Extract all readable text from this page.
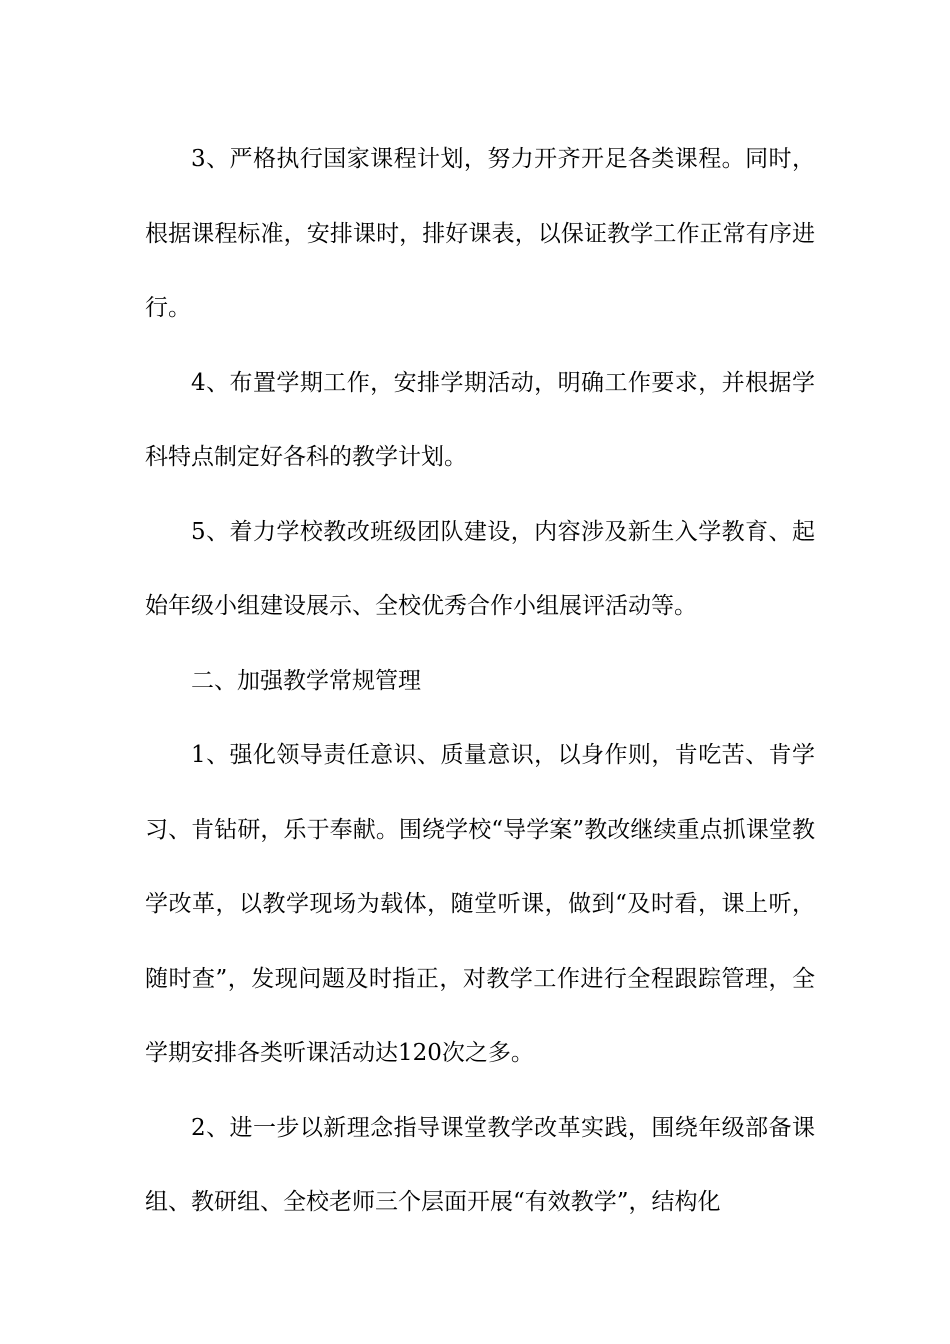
3、严格执行国家课程计划，努力开齐开足各类课程。同时，根据课程标准，安排课时，排好课表，以保证教学工作正常有序进行。

4、布置学期工作，安排学期活动，明确工作要求，并根据学科特点制定好各科的教学计划。

5、着力学校教改班级团队建设，内容涉及新生入学教育、起始年级小组建设展示、全校优秀合作小组展评活动等。

二、加强教学常规管理

1、强化领导责任意识、质量意识，以身作则，肯吃苦、肯学习、肯钻研，乐于奉献。围绕学校“导学案”教改继续重点抓课堂教学改革，以教学现场为载体，随堂听课，做到“及时看，课上听，随时查”，发现问题及时指正，对教学工作进行全程跟踪管理，全学期安排各类听课活动达120次之多。

2、进一步以新理念指导课堂教学改革实践，围绕年级部备课组、教研组、全校老师三个层面开展“有效教学”，结构化
